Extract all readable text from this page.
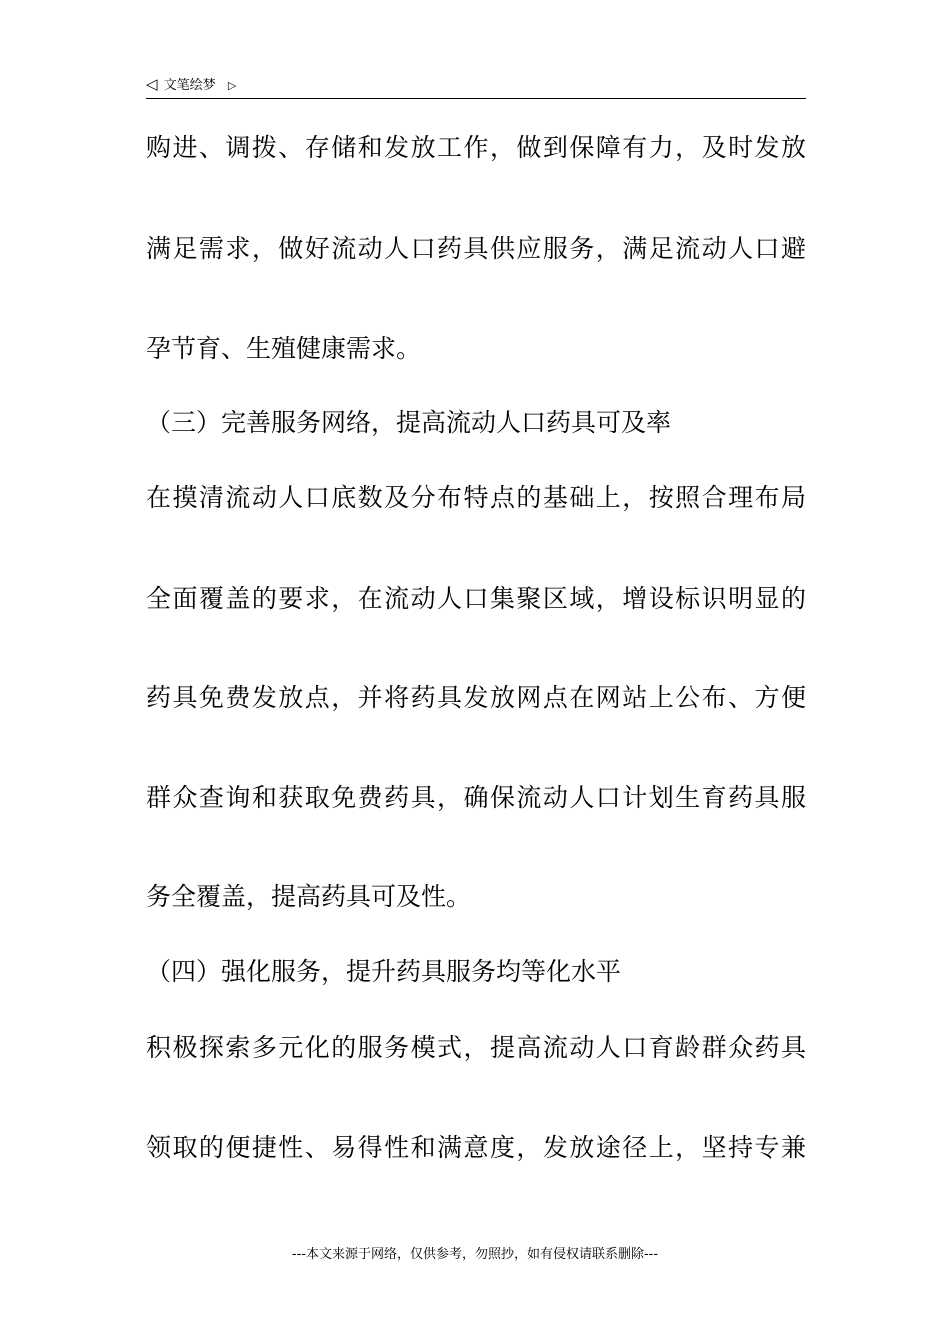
◁ 文笔绘梦 ▷
购进、调拨、存储和发放工作，做到保障有力，及时发放
满足需求，做好流动人口药具供应服务，满足流动人口避
孕节育、生殖健康需求。
（三）完善服务网络，提高流动人口药具可及率
在摸清流动人口底数及分布特点的基础上，按照合理布局
全面覆盖的要求，在流动人口集聚区域，增设标识明显的
药具免费发放点，并将药具发放网点在网站上公布、方便
群众查询和获取免费药具，确保流动人口计划生育药具服
务全覆盖，提高药具可及性。
（四）强化服务，提升药具服务均等化水平
积极探索多元化的服务模式，提高流动人口育龄群众药具
领取的便捷性、易得性和满意度，发放途径上，坚持专兼
---本文来源于网络，仅供参考，勿照抄，如有侵权请联系删除---
